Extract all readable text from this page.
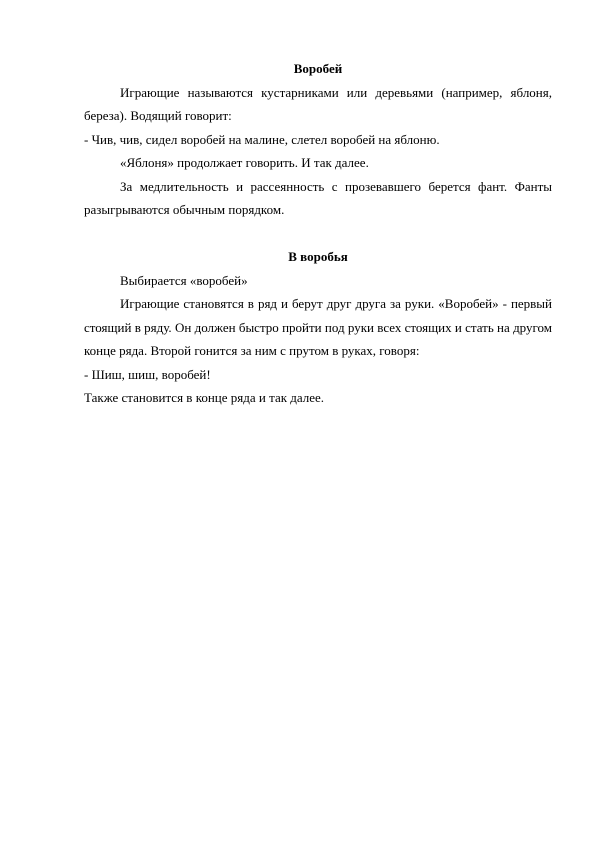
Воробей

Играющие называются кустарниками или деревьями (например, яблоня, береза). Водящий говорит:

- Чив, чив, сидел воробей на малине, слетел воробей на яблоню.

«Яблоня» продолжает говорить. И так далее.

За медлительность и рассеянность с прозевавшего берется фант. Фанты разыгрываются обычным порядком.

В воробья

Выбирается «воробей»

Играющие становятся в ряд и берут друг друга за руки. «Воробей» - первый стоящий в ряду. Он должен быстро пройти под руки всех стоящих и стать на другом конце ряда. Второй гонится за ним с прутом в руках, говоря:

- Шиш, шиш, воробей!

Также становится в конце ряда и так далее.
